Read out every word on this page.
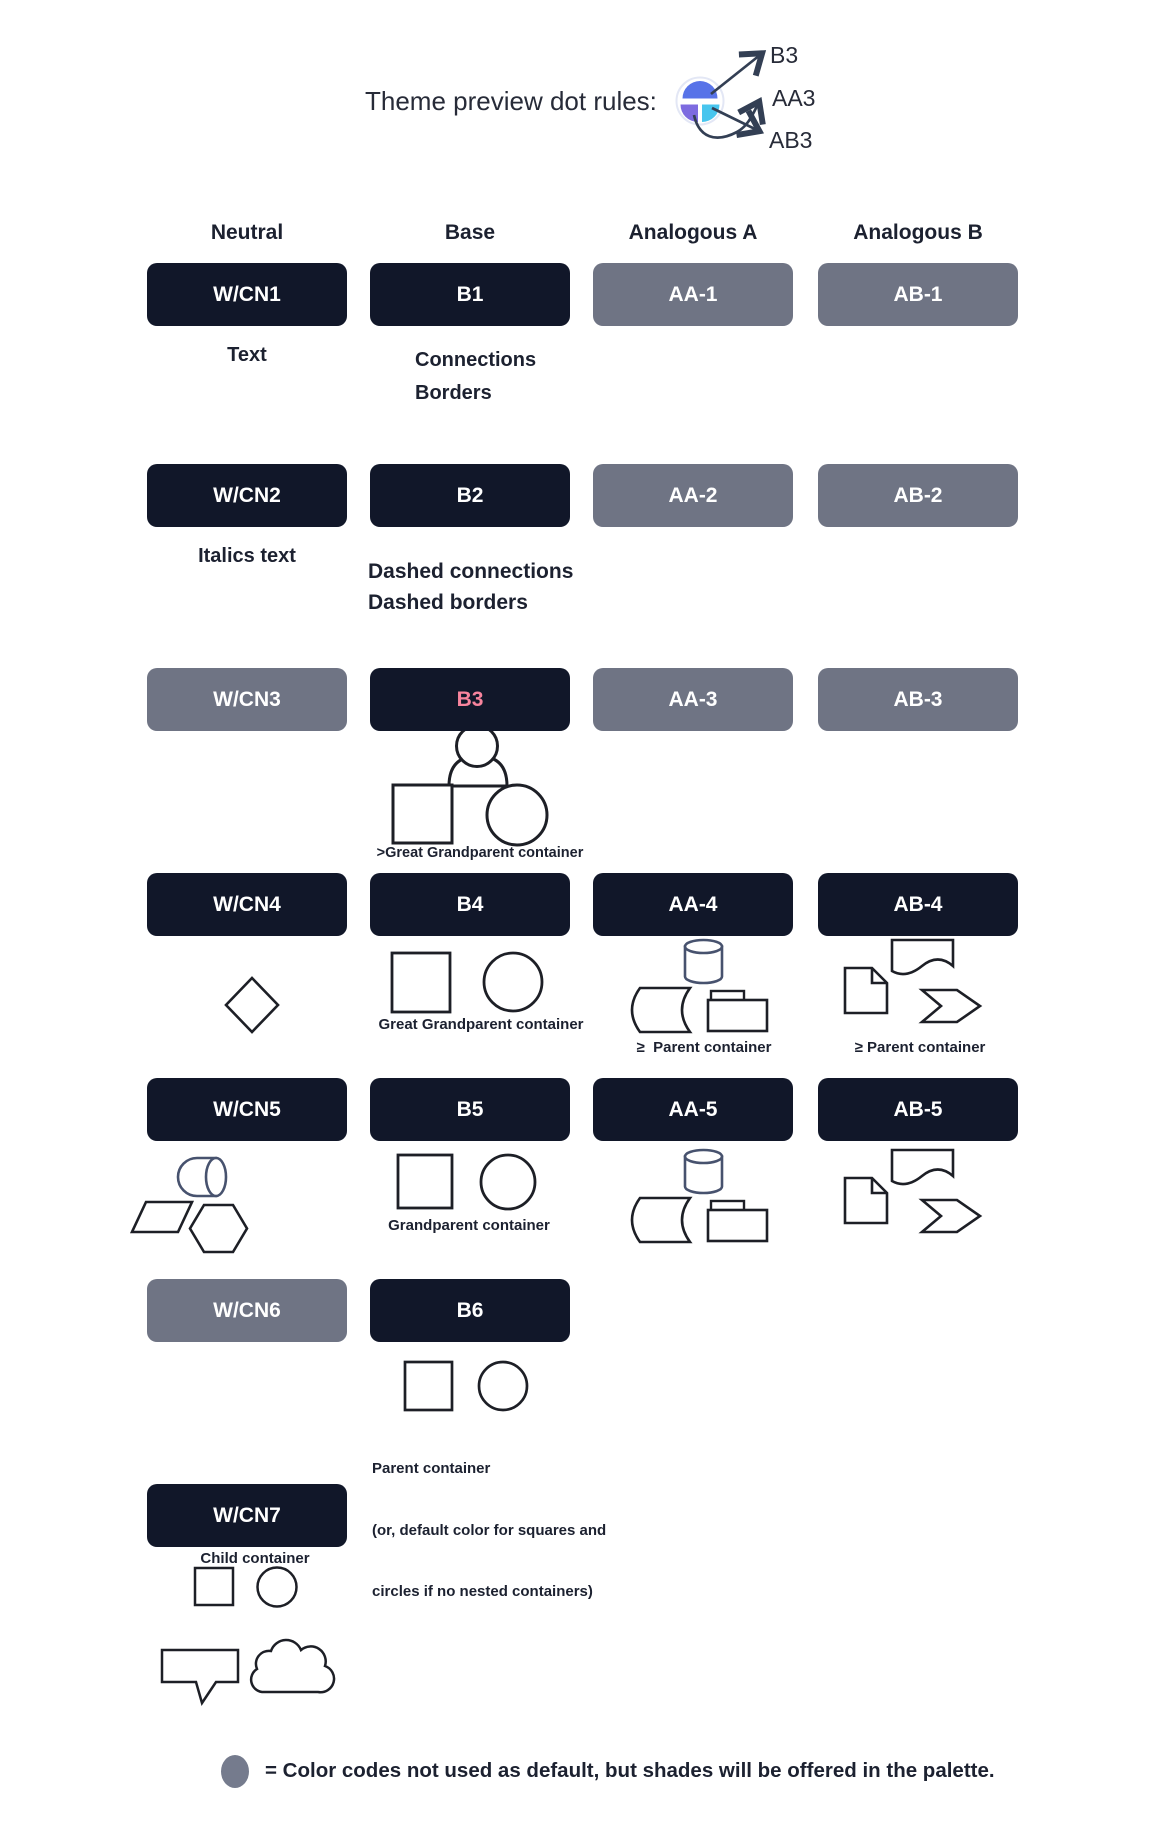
Theme preview dot rules:
B3
AA3
AB3
Neutral	Base	Analogous A	Analogous B
W/CN1	B1	AA-1	AB-1
Text	Connections
Borders
W/CN2	B2	AA-2	AB-2
Italics text
Dashed connections
Dashed borders
W/CN3	B3	AA-3	AB-3
>Great Grandparent container
W/CN4	B4	AA-4	AB-4
Great Grandparent container
≥  Parent container	≥ Parent container
W/CN5	B5	AA-5	AB-5
Grandparent container
W/CN6	B6

Parent container

(or, default color for squares and

circles if no nested containers)

W/CN7
Child container
= Color codes not used as default, but shades will be offered in the palette.
